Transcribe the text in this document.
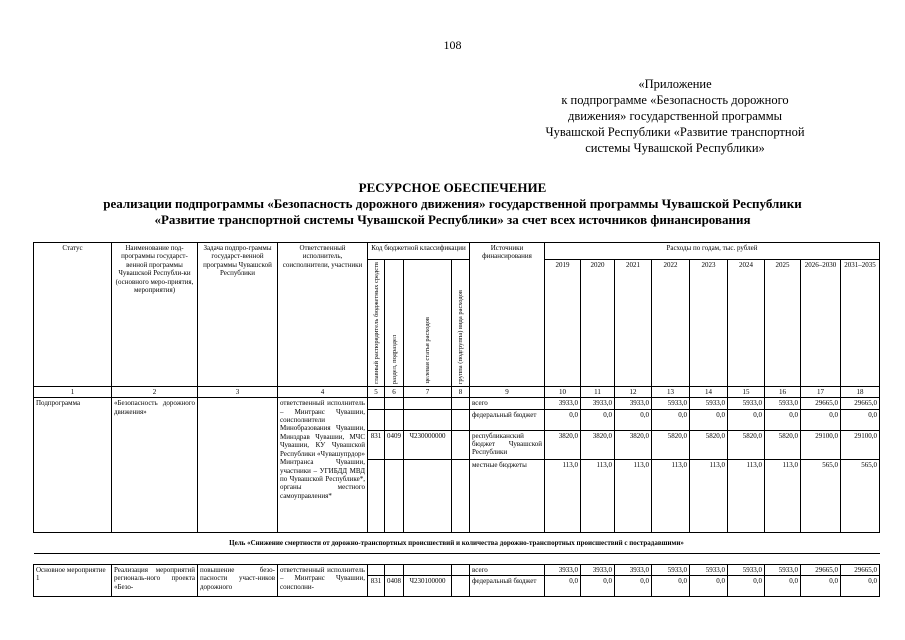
108
«Приложение
к подпрограмме «Безопасность дорожного
движения» государственной программы
Чувашской Республики «Развитие транспортной
системы Чувашской Республики»
РЕСУРСНОЕ ОБЕСПЕЧЕНИЕ
реализации подпрограммы «Безопасность дорожного движения» государственной программы Чувашской Республики
«Развитие транспортной системы Чувашской Республики» за счет всех источников финансирования
Статус	Наименование под-программы государст-венной программы Чувашской Республи-ки (основного меро-приятия, мероприятия)	Задача подпро-граммы государст-венной программы Чувашской Республики	Ответственный исполнитель, соисполнители, участники	Код бюджетной классификации				Источники финансирования	Расходы по годам, тыс. рублей								

				главный распорядитель бюджетных средств	раздел, подраздел	целевая статья расходов	группа (подгруппа) вида расходов		2019	2020	2021	2022	2023	2024	2025	2026–2030	2031–2035

1	2	3	4	5	6	7	8	9	10	11	12	13	14	15	16	17	18
Подпрограмма	«Безопасность дорожного движения»		ответственный исполнитель – Минтранс Чувашии, соисполнители Минобразования Чувашии, Минздрав Чувашии, МЧС Чувашии, КУ Чувашской Республики «Чувашупрдор» Минтранса Чувашии, участники – УГИБДД МВД по Чувашской Республике*, органы местного самоуправления*					всего	3933,0	3933,0	3933,0	5933,0	5933,0	5933,0	5933,0	29665,0	29665,0
								федеральный бюджет	0,0	0,0	0,0	0,0	0,0	0,0	0,0	0,0	0,0
				831	0409	Ч230000000		республиканский бюджет Чувашской Республики	3820,0	3820,0	3820,0	5820,0	5820,0	5820,0	5820,0	29100,0	29100,0
								местные бюджеты	113,0	113,0	113,0	113,0	113,0	113,0	113,0	565,0	565,0
Цель «Снижение смертности от дорожно-транспортных происшествий и количества дорожно-транспортных происшествий с пострадавшими»																	

Основное мероприятие 1	Реализация мероприятий региональ-ного проекта «Безо-	повышение безо-пасности участ-ников дорожного	ответственный исполнитель – Минтранс Чувашии, соисполни-					всего	3933,0	3933,0	3933,0	5933,0	5933,0	5933,0	5933,0	29665,0	29665,0
				831	0408	Ч230100000		федеральный бюджет	0,0	0,0	0,0	0,0	0,0	0,0	0,0	0,0	0,0
